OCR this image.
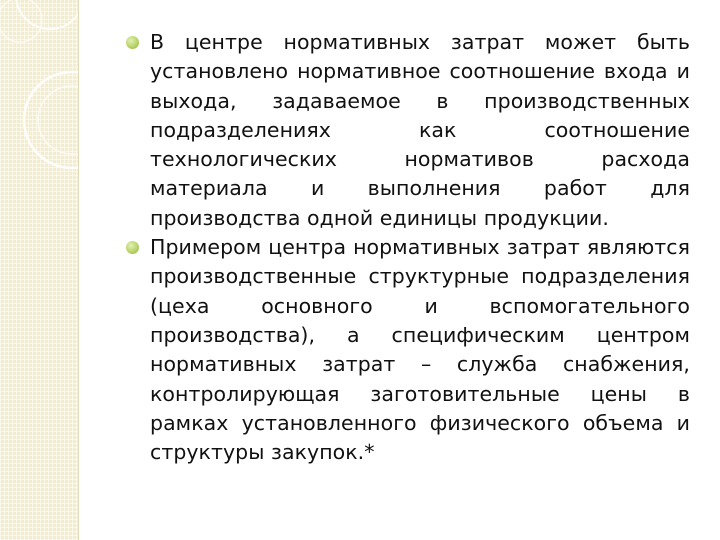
В центре нормативных затрат может быть установлено нормативное соотношение входа и выхода, задаваемое в производственных подразделениях как соотношение технологических нормативов расхода материала и выполнения работ для производства одной единицы продукции.
Примером центра нормативных затрат являются производственные структурные подразделения (цеха основного и вспомогательного производства), а специфическим центром нормативных затрат – служба снабжения, контролирующая заготовительные цены в рамках установленного физического объема и структуры закупок.*
